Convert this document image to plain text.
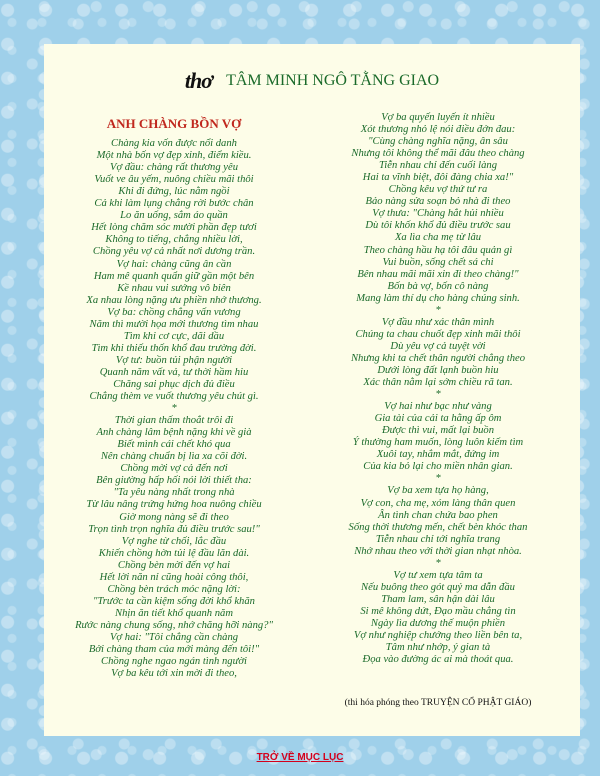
thơ TÂM MINH NGÔ TẰNG GIAO
ANH CHÀNG BỒN VỢ
Chàng kia vốn được nổi danh
Một nhà bốn vợ đẹp xinh, điểm kiều.
Vợ đầu: chàng rất thương yêu
Vuốt ve âu yếm, nuông chiều mãi thôi
Khi đi đứng, lúc nằm ngồi
Cả khi làm lụng chẳng rời bước chân
Lo ăn uống, sắm áo quần
Hết lòng chăm sóc mười phần đẹp tươi
Không to tiếng, chẳng nhiều lời,
Chồng yêu vợ cả nhất nơi dương trần.
Vợ hai: chàng cũng ân cần
Ham mê quanh quẩn giữ gần một bên
Kề nhau vui sướng vô biên
Xa nhau lòng nặng ưu phiền nhớ thương.
Vợ ba: chồng chẳng vấn vương
Năm thì mười họa mới thương tìm nhau
Tìm khi cơ cực, dãi dầu
Tìm khi thiếu thốn khổ đau trường đời.
Vợ tư: buồn tủi phận người
Quanh năm vất vả, tư thời hầm hiu
Chăng sai phục dịch đủ điều
Chẳng thèm ve vuốt thương yêu chút gì.
*
Thời gian thấm thoắt trôi đi
Anh chàng lâm bệnh nặng khi về già
Biết mình cái chết khó qua
Nên chàng chuẩn bị lìa xa cõi đời.
Chồng mời vợ cả đến nơi
Bên giường hấp hối nói lời thiết tha:
"Ta yêu nàng nhất trong nhà
Từ lâu nâng trứng hứng hoa nuông chiều
Giờ mong nàng sẽ đi theo
Trọn tình trọn nghĩa đủ điều trước sau!"
Vợ nghe từ chối, lắc đầu
Khiến chồng hờn tủi lệ đầu lăn dài.
Chồng bèn mời đến vợ hai
Hết lời năn nỉ cũng hoài công thôi,
Chồng bèn trách móc nặng lời:
"Trước ta cần kiệm sống đời khổ khăn
Nhịn ăn tiết khổ quanh năm
Rước nàng chung sống, nhớ chăng hỡi nàng?"
Vợ hai: "Tôi chẳng cần chàng
Bởi chàng tham của mới màng đến tôi!"
Chồng nghe ngao ngán tình người
Vợ ba kêu tới xin mời đi theo,
Vợ ba quyến luyến ít nhiều
Xót thương nhỏ lệ nói điều đớn đau:
"Cùng chàng nghĩa nặng, ân sâu
Nhưng tôi không thể mãi đâu theo chàng
Tiễn nhau chỉ đến cuối làng
Hai ta vĩnh biệt, đôi đàng chia xa!"
Chồng kêu vợ thứ tư ra
Bảo nàng sửa soạn bỏ nhà đi theo
Vợ thưa: "Chàng hắt hủi nhiều
Dù tôi khốn khổ đủ điều trước sau
Xa lìa cha mẹ từ lâu
Theo chàng hầu hạ tôi đâu quản gì
Vui buồn, sống chết sá chi
Bên nhau mãi mãi xin đi theo chàng!"
Bốn bà vợ, bốn cô nàng
Mang làm thí dụ cho hàng chúng sinh.
*
Vợ đầu như xác thân mình
Chúng ta chau chuốt đẹp xinh mãi thôi
Dù yêu vợ cả tuyệt vời
Nhưng khi ta chết thân người chẳng theo
Dưới lòng đất lạnh buồn hiu
Xác thân nằm lại sớm chiều rã tan.
*
Vợ hai như bạc như vàng
Gia tài của cải ta hằng ấp ôm
Được thì vui, mất lại buồn
Ý thường ham muốn, lòng luôn kiếm tìm
Xuôi tay, nhắm mắt, đứng im
Của kia bỏ lại cho miền nhân gian.
*
Vợ ba xem tựa họ hàng,
Vợ con, cha mẹ, xóm làng thân quen
Ân tình chan chứa bao phen
Sống thời thương mến, chết bèn khóc than
Tiễn nhau chỉ tới nghĩa trang
Nhớ nhau theo với thời gian nhạt nhòa.
*
Vợ tư xem tựa tâm ta
Nếu buông theo gót quỷ ma dẫn đầu
Tham lam, sân hận dài lâu
Si mê không dứt, Đạo mầu chẳng tìn
Ngày lìa dương thế muộn phiền
Vợ như nghiệp chướng theo liền bên ta,
Tâm như nhớp, ý gian tà
Đọa vào đường ác ai mà thoát qua.
(thi hóa phóng theo TRUYỆN CỔ PHẬT GIÁO)
TRỞ VỀ MỤC LỤC
